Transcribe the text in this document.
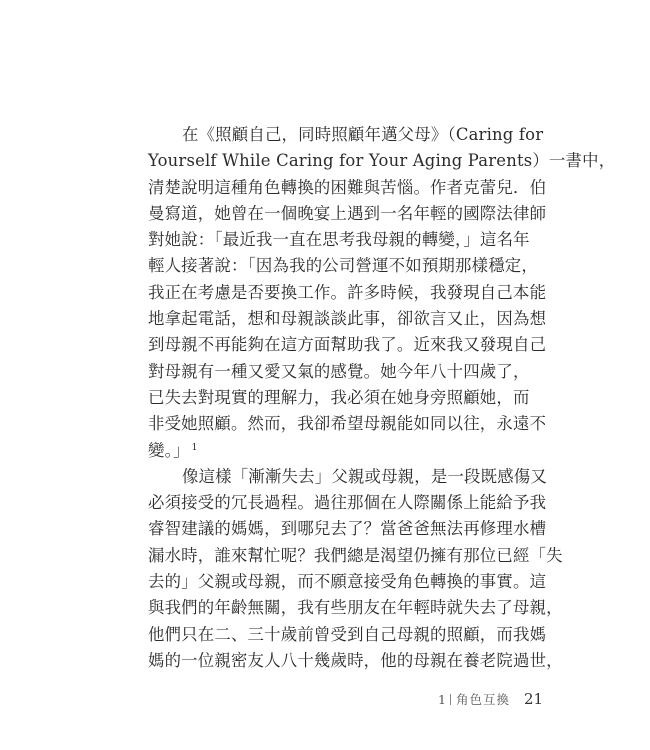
在《照顧自己，同時照顧年邁父母》（Caring for
Yourself While Caring for Your Aging Parents）一書中，
清楚說明這種角色轉換的困難與苦惱。作者克蕾兒．伯
曼寫道，她曾在一個晚宴上遇到一名年輕的國際法律師
對她說：「最近我一直在思考我母親的轉變，」這名年
輕人接著說：「因為我的公司營運不如預期那樣穩定，
我正在考慮是否要換工作。許多時候，我發現自己本能
地拿起電話，想和母親談談此事，卻欲言又止，因為想
到母親不再能夠在這方面幫助我了。近來我又發現自己
對母親有一種又愛又氣的感覺。她今年八十四歲了，
已失去對現實的理解力，我必須在她身旁照顧她，而
非受她照顧。然而，我卻希望母親能如同以往，永遠不
變。」 $^1$
像這樣「漸漸失去」父親或母親，是一段既感傷又
必須接受的冗長過程。過往那個在人際關係上能給予我
睿智建議的媽媽，到哪兒去了？當爸爸無法再修理水槽
漏水時，誰來幫忙呢？我們總是渴望仍擁有那位已經「失
去的」父親或母親，而不願意接受角色轉換的事實。這
與我們的年齡無關，我有些朋友在年輕時就失去了母親，
他們只在二、三十歲前曾受到自己母親的照顧，而我媽
媽的一位親密友人八十幾歲時，他的母親在養老院過世，
1 角色互換 21
